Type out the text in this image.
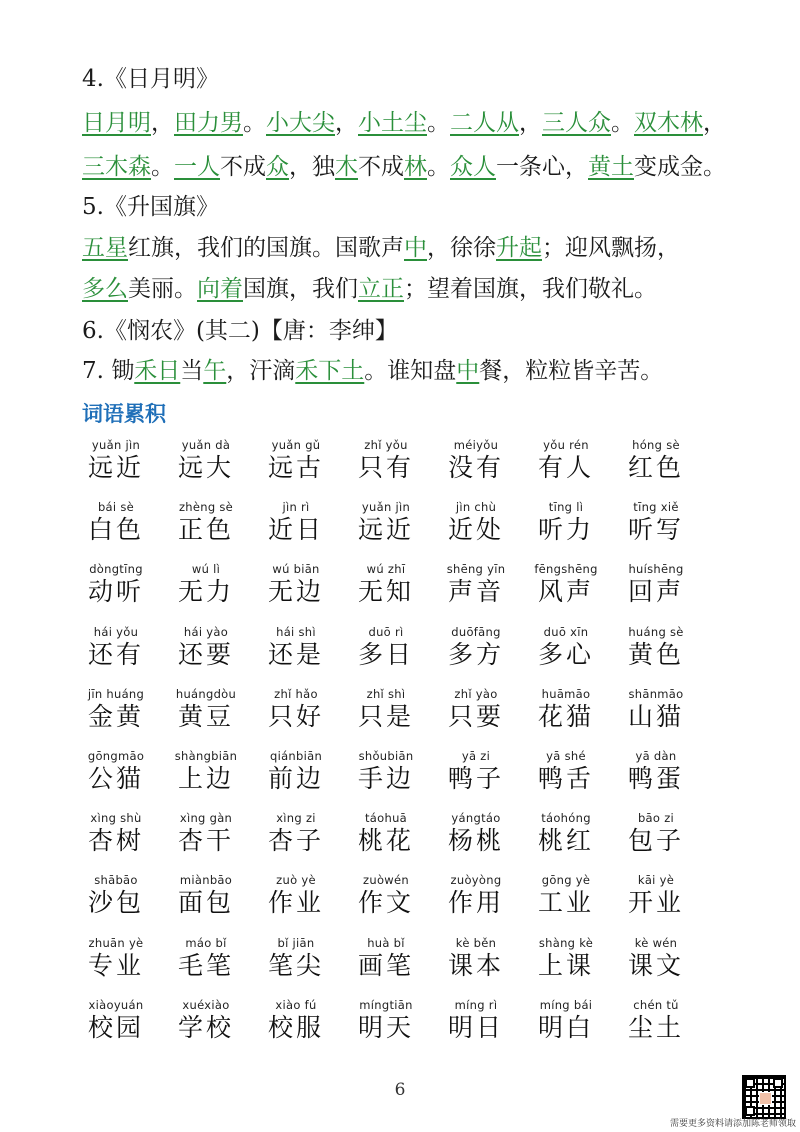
4.《日月明》
日月明，田力男。小大尖，小土尘。二人从，三人众。双木林，
三木森。一人不成众，独木不成林。众人一条心，黄土变成金。
5.《升国旗》
五星红旗，我们的国旗。国歌声中，徐徐升起；迎风飘扬，
多么美丽。向着国旗，我们立正；望着国旗，我们敬礼。
6.《悯农》(其二)【唐：李绅】
7. 锄禾日当午，汗滴禾下土。谁知盘中餐，粒粒皆辛苦。
词语累积
yuǎn jìn
远近
yuǎn dà
远大
yuǎn gǔ
远古
zhǐ yǒu
只有
méiyǒu
没有
yǒu rén
有人
hóng sè
红色
bái sè
白色
zhèng sè
正色
jìn rì
近日
yuǎn jìn
远近
jìn chù
近处
tīng lì
听力
tīng xiě
听写
dòngtīng
动听
wú lì
无力
wú biān
无边
wú zhī
无知
shēng yīn
声音
fēngshēng
风声
huíshēng
回声
hái yǒu
还有
hái yào
还要
hái shì
还是
duō rì
多日
duōfāng
多方
duō xīn
多心
huáng sè
黄色
jīn huáng
金黄
huángdòu
黄豆
zhǐ hǎo
只好
zhǐ shì
只是
zhǐ yào
只要
huāmāo
花猫
shānmāo
山猫
gōngmāo
公猫
shàngbiān
上边
qiánbiān
前边
shǒubiān
手边
yā zi
鸭子
yā shé
鸭舌
yā dàn
鸭蛋
xìng shù
杏树
xìng gàn
杏干
xìng zi
杏子
táohuā
桃花
yángtáo
杨桃
táohóng
桃红
bāo zi
包子
shābāo
沙包
miànbāo
面包
zuò yè
作业
zuòwén
作文
zuòyòng
作用
gōng yè
工业
kāi yè
开业
zhuān yè
专业
máo bǐ
毛笔
bǐ jiān
笔尖
huà bǐ
画笔
kè běn
课本
shàng kè
上课
kè wén
课文
xiàoyuán
校园
xuéxiào
学校
xiào fú
校服
míngtiān
明天
míng rì
明日
míng bái
明白
chén tǔ
尘土
6
需要更多资料请添加陈老师领取
